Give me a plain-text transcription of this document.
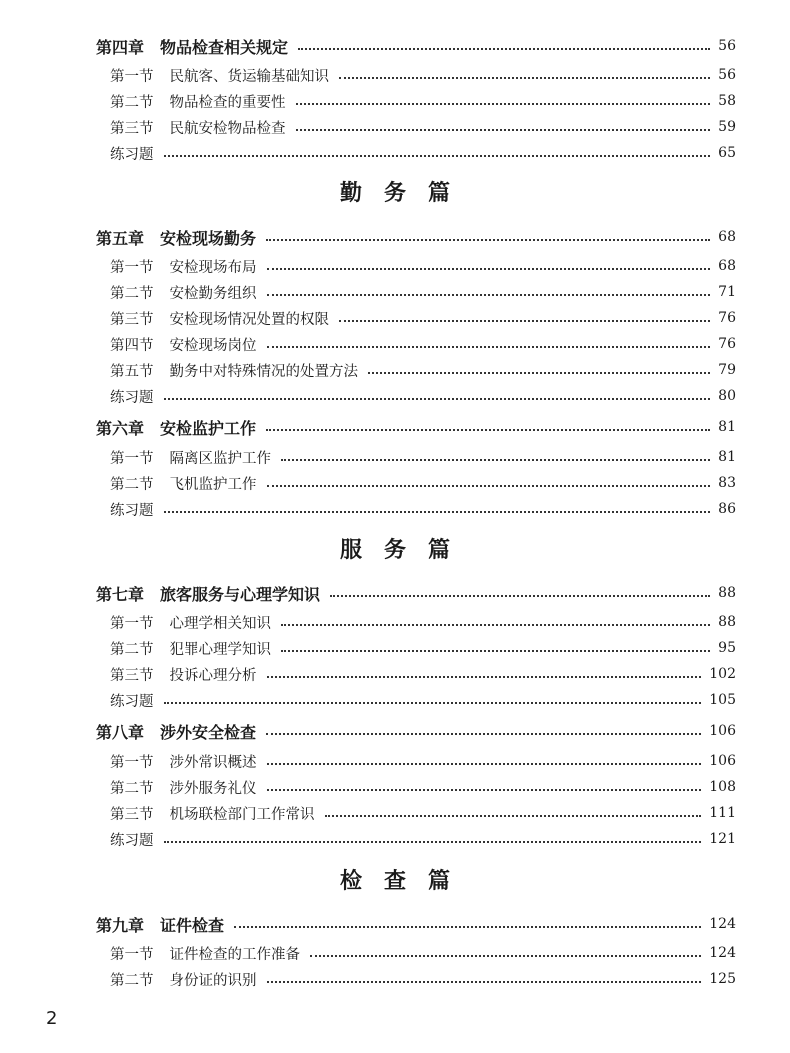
第四章 物品检查相关规定	56
第一节 民航客、货运输基础知识	56
第二节 物品检查的重要性	58
第三节 民航安检物品检查	59
练习题	65
勤务篇
第五章 安检现场勤务	68
第一节 安检现场布局	68
第二节 安检勤务组织	71
第三节 安检现场情况处置的权限	76
第四节 安检现场岗位	76
第五节 勤务中对特殊情况的处置方法	79
练习题	80
第六章 安检监护工作	81
第一节 隔离区监护工作	81
第二节 飞机监护工作	83
练习题	86
服务篇
第七章 旅客服务与心理学知识	88
第一节 心理学相关知识	88
第二节 犯罪心理学知识	95
第三节 投诉心理分析	102
练习题	105
第八章 涉外安全检查	106
第一节 涉外常识概述	106
第二节 涉外服务礼仪	108
第三节 机场联检部门工作常识	111
练习题	121
检查篇
第九章 证件检查	124
第一节 证件检查的工作准备	124
第二节 身份证的识别	125
2
